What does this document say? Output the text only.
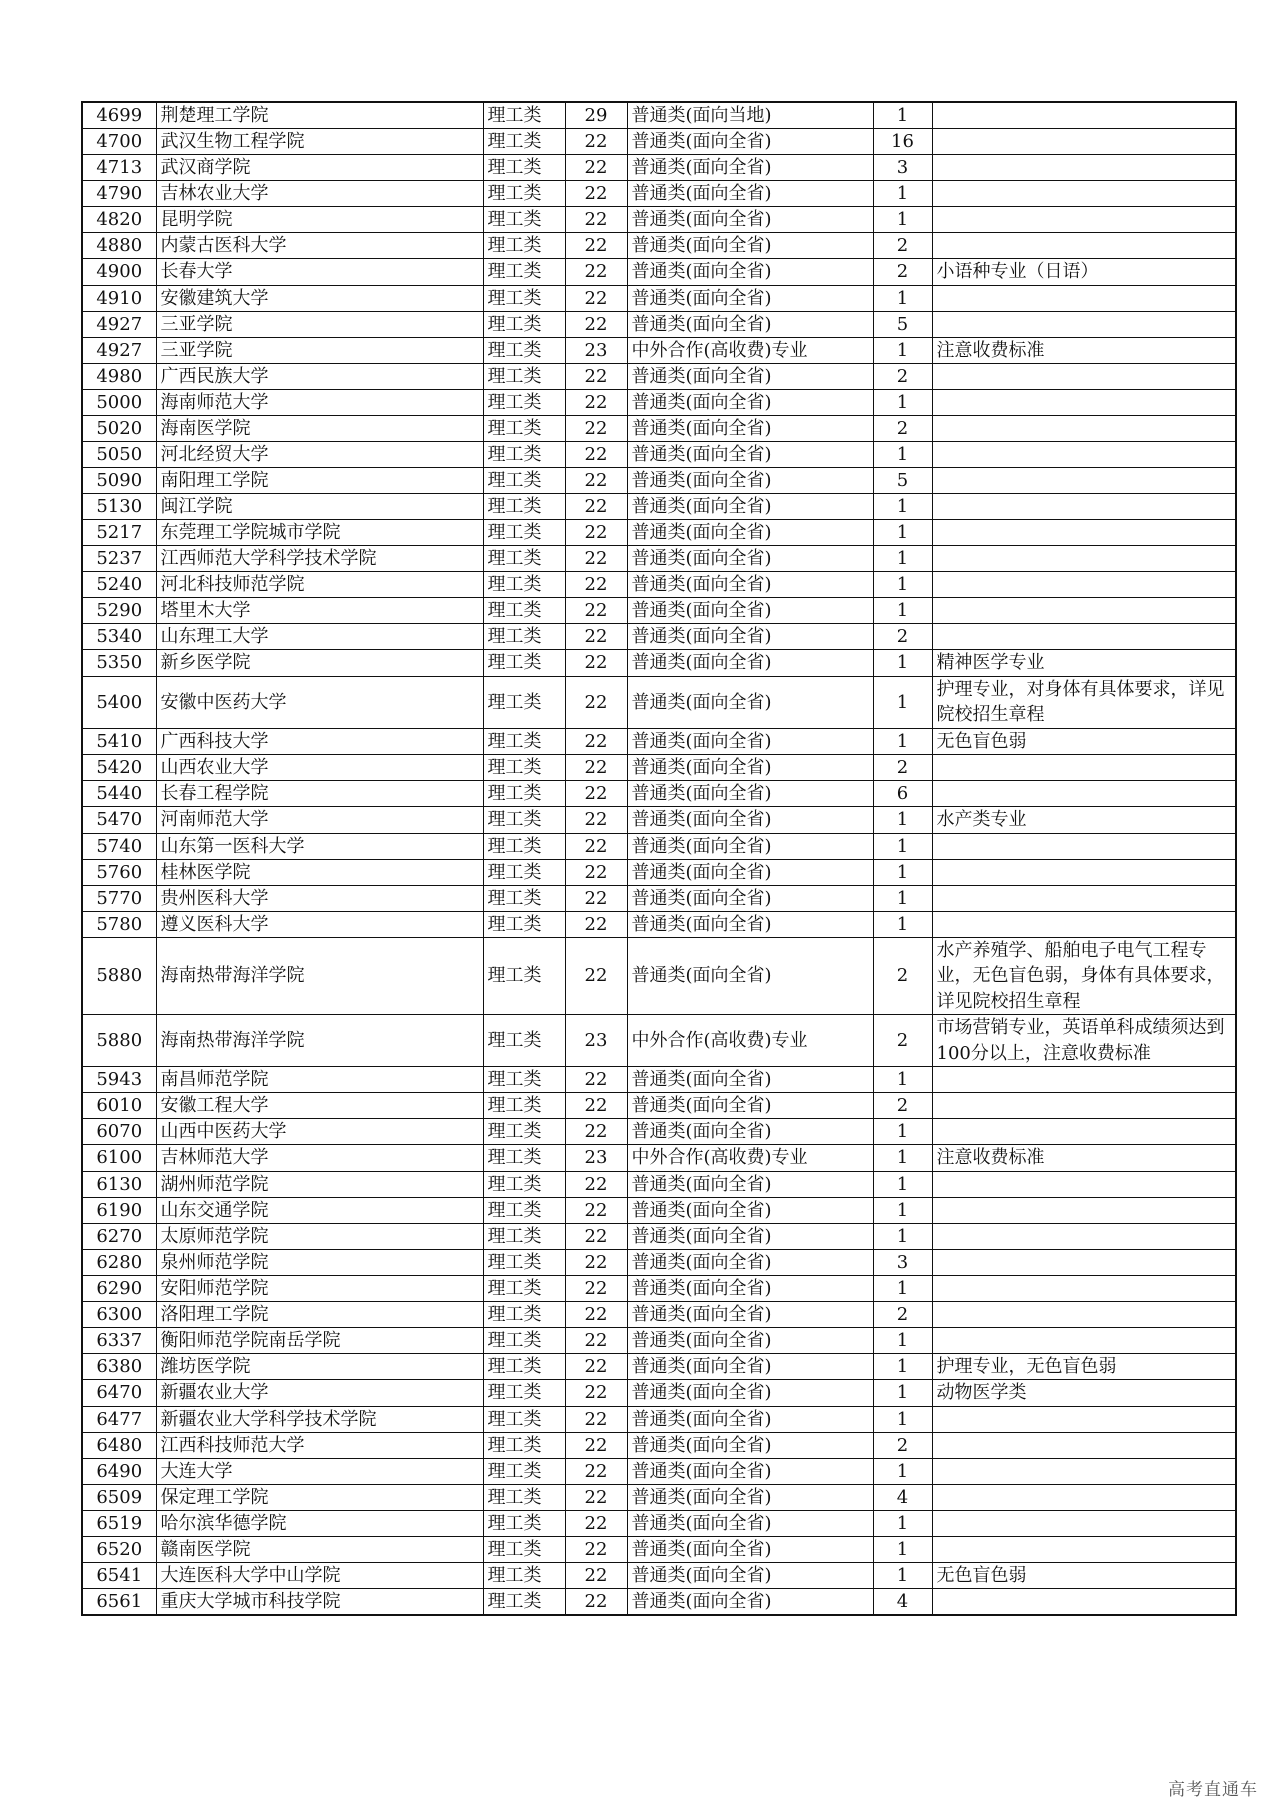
4699	荆楚理工学院	理工类	29	普通类(面向当地)	1	
4700	武汉生物工程学院	理工类	22	普通类(面向全省)	16	
4713	武汉商学院	理工类	22	普通类(面向全省)	3	
4790	吉林农业大学	理工类	22	普通类(面向全省)	1	
4820	昆明学院	理工类	22	普通类(面向全省)	1	
4880	内蒙古医科大学	理工类	22	普通类(面向全省)	2	
4900	长春大学	理工类	22	普通类(面向全省)	2	小语种专业（日语）
4910	安徽建筑大学	理工类	22	普通类(面向全省)	1	
4927	三亚学院	理工类	22	普通类(面向全省)	5	
4927	三亚学院	理工类	23	中外合作(高收费)专业	1	注意收费标准
4980	广西民族大学	理工类	22	普通类(面向全省)	2	
5000	海南师范大学	理工类	22	普通类(面向全省)	1	
5020	海南医学院	理工类	22	普通类(面向全省)	2	
5050	河北经贸大学	理工类	22	普通类(面向全省)	1	
5090	南阳理工学院	理工类	22	普通类(面向全省)	5	
5130	闽江学院	理工类	22	普通类(面向全省)	1	
5217	东莞理工学院城市学院	理工类	22	普通类(面向全省)	1	
5237	江西师范大学科学技术学院	理工类	22	普通类(面向全省)	1	
5240	河北科技师范学院	理工类	22	普通类(面向全省)	1	
5290	塔里木大学	理工类	22	普通类(面向全省)	1	
5340	山东理工大学	理工类	22	普通类(面向全省)	2	
5350	新乡医学院	理工类	22	普通类(面向全省)	1	精神医学专业
5400	安徽中医药大学	理工类	22	普通类(面向全省)	1	护理专业，对身体有具体要求，详见院校招生章程
5410	广西科技大学	理工类	22	普通类(面向全省)	1	无色盲色弱
5420	山西农业大学	理工类	22	普通类(面向全省)	2	
5440	长春工程学院	理工类	22	普通类(面向全省)	6	
5470	河南师范大学	理工类	22	普通类(面向全省)	1	水产类专业
5740	山东第一医科大学	理工类	22	普通类(面向全省)	1	
5760	桂林医学院	理工类	22	普通类(面向全省)	1	
5770	贵州医科大学	理工类	22	普通类(面向全省)	1	
5780	遵义医科大学	理工类	22	普通类(面向全省)	1	
5880	海南热带海洋学院	理工类	22	普通类(面向全省)	2	水产养殖学、船舶电子电气工程专业，无色盲色弱，身体有具体要求，详见院校招生章程
5880	海南热带海洋学院	理工类	23	中外合作(高收费)专业	2	市场营销专业，英语单科成绩须达到100分以上，注意收费标准
5943	南昌师范学院	理工类	22	普通类(面向全省)	1	
6010	安徽工程大学	理工类	22	普通类(面向全省)	2	
6070	山西中医药大学	理工类	22	普通类(面向全省)	1	
6100	吉林师范大学	理工类	23	中外合作(高收费)专业	1	注意收费标准
6130	湖州师范学院	理工类	22	普通类(面向全省)	1	
6190	山东交通学院	理工类	22	普通类(面向全省)	1	
6270	太原师范学院	理工类	22	普通类(面向全省)	1	
6280	泉州师范学院	理工类	22	普通类(面向全省)	3	
6290	安阳师范学院	理工类	22	普通类(面向全省)	1	
6300	洛阳理工学院	理工类	22	普通类(面向全省)	2	
6337	衡阳师范学院南岳学院	理工类	22	普通类(面向全省)	1	
6380	潍坊医学院	理工类	22	普通类(面向全省)	1	护理专业，无色盲色弱
6470	新疆农业大学	理工类	22	普通类(面向全省)	1	动物医学类
6477	新疆农业大学科学技术学院	理工类	22	普通类(面向全省)	1	
6480	江西科技师范大学	理工类	22	普通类(面向全省)	2	
6490	大连大学	理工类	22	普通类(面向全省)	1	
6509	保定理工学院	理工类	22	普通类(面向全省)	4	
6519	哈尔滨华德学院	理工类	22	普通类(面向全省)	1	
6520	赣南医学院	理工类	22	普通类(面向全省)	1	
6541	大连医科大学中山学院	理工类	22	普通类(面向全省)	1	无色盲色弱
6561	重庆大学城市科技学院	理工类	22	普通类(面向全省)	4	
高考直通车
